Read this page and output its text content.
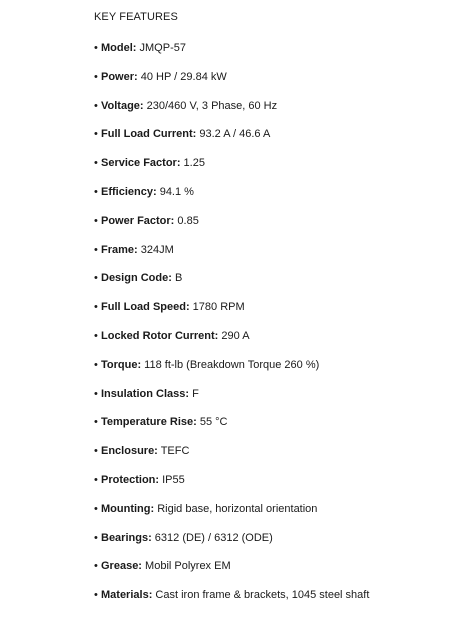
KEY FEATURES
• Model: JMQP-57
• Power: 40 HP / 29.84 kW
• Voltage: 230/460 V, 3 Phase, 60 Hz
• Full Load Current: 93.2 A / 46.6 A
• Service Factor: 1.25
• Efficiency: 94.1 %
• Power Factor: 0.85
• Frame: 324JM
• Design Code: B
• Full Load Speed: 1780 RPM
• Locked Rotor Current: 290 A
• Torque: 118 ft-lb (Breakdown Torque 260 %)
• Insulation Class: F
• Temperature Rise: 55 °C
• Enclosure: TEFC
• Protection: IP55
• Mounting: Rigid base, horizontal orientation
• Bearings: 6312 (DE) / 6312 (ODE)
• Grease: Mobil Polyrex EM
• Materials: Cast iron frame & brackets, 1045 steel shaft
